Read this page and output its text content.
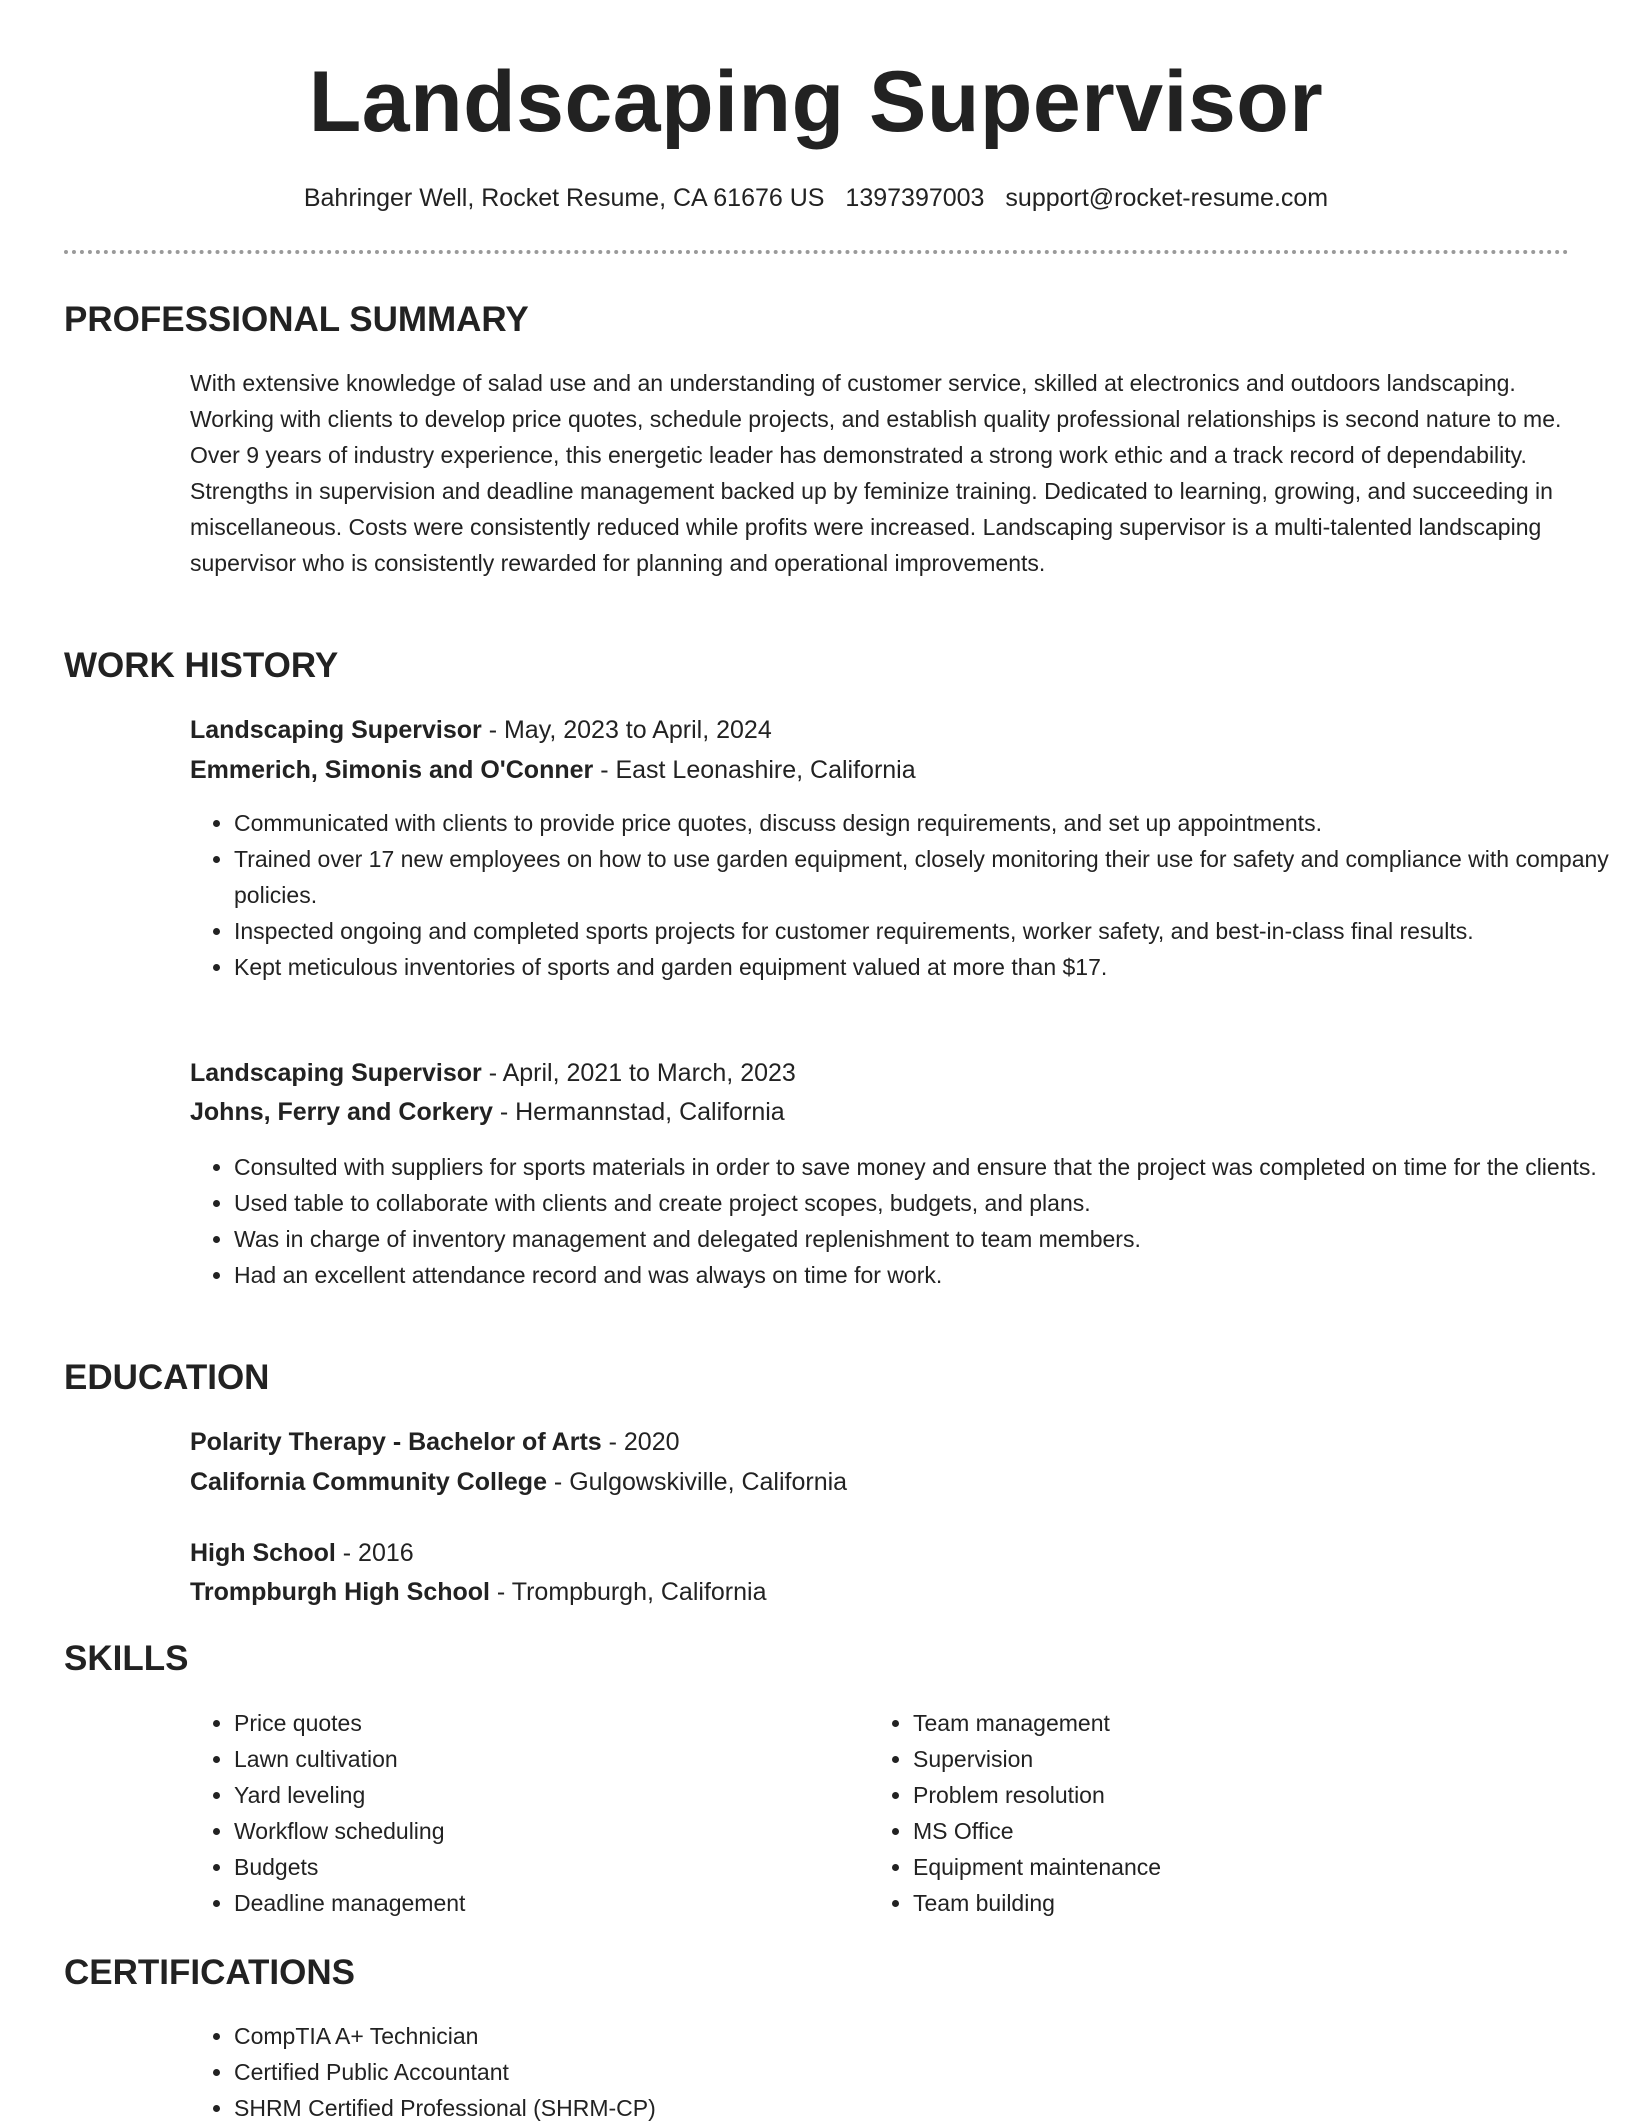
Landscaping Supervisor
Bahringer Well, Rocket Resume, CA 61676 US 1397397003 support@rocket-resume.com
PROFESSIONAL SUMMARY

With extensive knowledge of salad use and an understanding of customer service, skilled at electronics and outdoors landscaping. Working with clients to develop price quotes, schedule projects, and establish quality professional relationships is second nature to me. Over 9 years of industry experience, this energetic leader has demonstrated a strong work ethic and a track record of dependability. Strengths in supervision and deadline management backed up by feminize training. Dedicated to learning, growing, and succeeding in miscellaneous. Costs were consistently reduced while profits were increased. Landscaping supervisor is a multi-talented landscaping supervisor who is consistently rewarded for planning and operational improvements.

WORK HISTORY
Landscaping Supervisor - May, 2023 to April, 2024
Emmerich, Simonis and O'Conner - East Leonashire, California
• Communicated with clients to provide price quotes, discuss design requirements, and set up appointments.
• Trained over 17 new employees on how to use garden equipment, closely monitoring their use for safety and compliance with company policies.
• Inspected ongoing and completed sports projects for customer requirements, worker safety, and best-in-class final results.
• Kept meticulous inventories of sports and garden equipment valued at more than $17.
Landscaping Supervisor - April, 2021 to March, 2023
Johns, Ferry and Corkery - Hermannstad, California
• Consulted with suppliers for sports materials in order to save money and ensure that the project was completed on time for the clients.
• Used table to collaborate with clients and create project scopes, budgets, and plans.
• Was in charge of inventory management and delegated replenishment to team members.
• Had an excellent attendance record and was always on time for work.
EDUCATION
Polarity Therapy - Bachelor of Arts - 2020
California Community College - Gulgowskiville, California
High School - 2016
Trompburgh High School - Trompburgh, California
SKILLS
• Price quotes
• Lawn cultivation
• Yard leveling
• Workflow scheduling
• Budgets
• Deadline management
• Team management
• Supervision
• Problem resolution
• MS Office
• Equipment maintenance
• Team building
CERTIFICATIONS
• CompTIA A+ Technician
• Certified Public Accountant
• SHRM Certified Professional (SHRM-CP)
